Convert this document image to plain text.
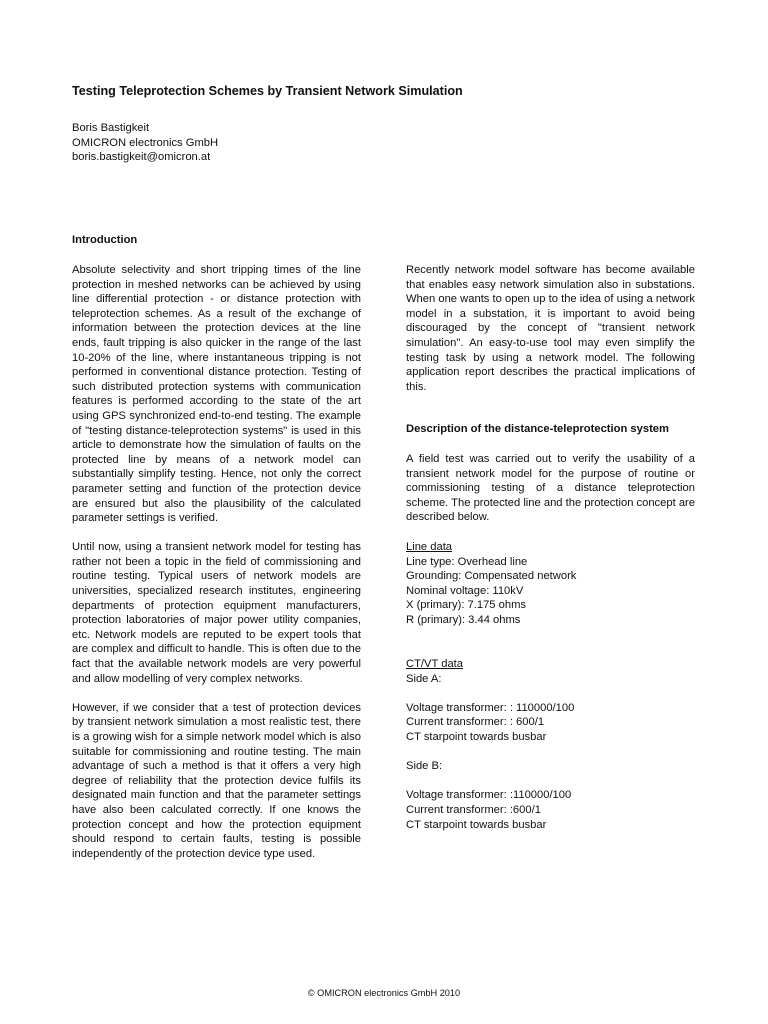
Testing Teleprotection Schemes by Transient Network Simulation
Boris Bastigkeit
OMICRON electronics GmbH
boris.bastigkeit@omicron.at
Introduction

Absolute selectivity and short tripping times of the line protection in meshed networks can be achieved by using line differential protection - or distance protection with teleprotection schemes. As a result of the exchange of information between the protection devices at the line ends, fault tripping is also quicker in the range of the last 10-20% of the line, where instantaneous tripping is not performed in conventional distance protection. Testing of such distributed protection systems with communication features is performed according to the state of the art using GPS synchronized end-to-end testing. The example of "testing distance-teleprotection systems" is used in this article to demonstrate how the simulation of faults on the protected line by means of a network model can substantially simplify testing. Hence, not only the correct parameter setting and function of the protection device are ensured but also the plausibility of the calculated parameter settings is verified.

Until now, using a transient network model for testing has rather not been a topic in the field of commissioning and routine testing. Typical users of network models are universities, specialized research institutes, engineering departments of protection equipment manufacturers, protection laboratories of major power utility companies, etc. Network models are reputed to be expert tools that are complex and difficult to handle. This is often due to the fact that the available network models are very powerful and allow modelling of very complex networks.

However, if we consider that a test of protection devices by transient network simulation a most realistic test, there is a growing wish for a simple network model which is also suitable for commissioning and routine testing. The main advantage of such a method is that it offers a very high degree of reliability that the protection device fulfils its designated main function and that the parameter settings have also been calculated correctly. If one knows the protection concept and how the protection equipment should respond to certain faults, testing is possible independently of the protection device type used.

Recently network model software has become available that enables easy network simulation also in substations. When one wants to open up to the idea of using a network model in a substation, it is important to avoid being discouraged by the concept of "transient network simulation". An easy-to-use tool may even simplify the testing task by using a network model. The following application report describes the practical implications of this.

A field test was carried out to verify the usability of a transient network model for the purpose of routine or commissioning testing of a distance teleprotection scheme. The protected line and the protection concept are described below.

Description of the distance-teleprotection system
Line data
Line type: Overhead line
Grounding: Compensated network
Nominal voltage: 110kV
X (primary): 7.175 ohms
R (primary): 3.44 ohms
CT/VT data
Side A:
Voltage transformer: : 110000/100
Current transformer: : 600/1
CT starpoint towards busbar
Side B:
Voltage transformer: :110000/100
Current transformer: :600/1
CT starpoint towards busbar
© OMICRON electronics GmbH 2010
